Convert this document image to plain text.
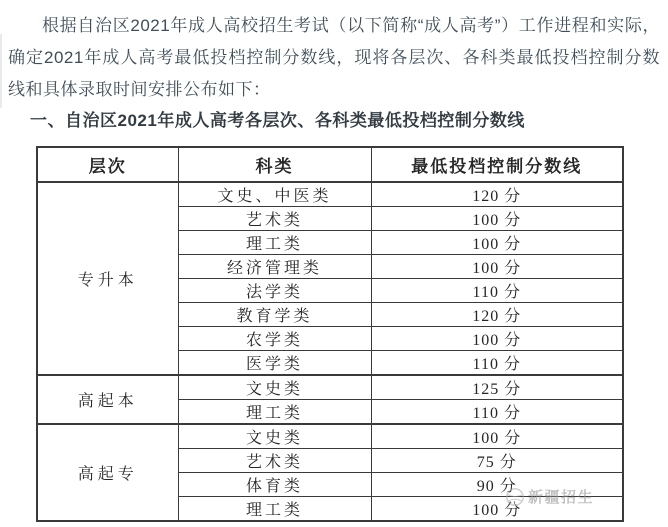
根据自治区2021年成人高校招生考试（以下简称“成人高考”）工作进程和实际，确定2021年成人高考最低投档控制分数线，现将各层次、各科类最低投档控制分数线和具体录取时间安排公布如下：

一、自治区2021年成人高考各层次、各科类最低投档控制分数线
层次	科类	最低投档控制分数线
专升本	文史、中医类	120 分
	艺术类	100 分
	理工类	100 分
	经济管理类	100 分
	法学类	110 分
	教育学类	120 分
	农学类	100 分
	医学类	110 分
高起本	文史类	125 分
	理工类	110 分
高起专	文史类	100 分
	艺术类	75 分
	体育类	90 分
	理工类	100 分
新疆招生
